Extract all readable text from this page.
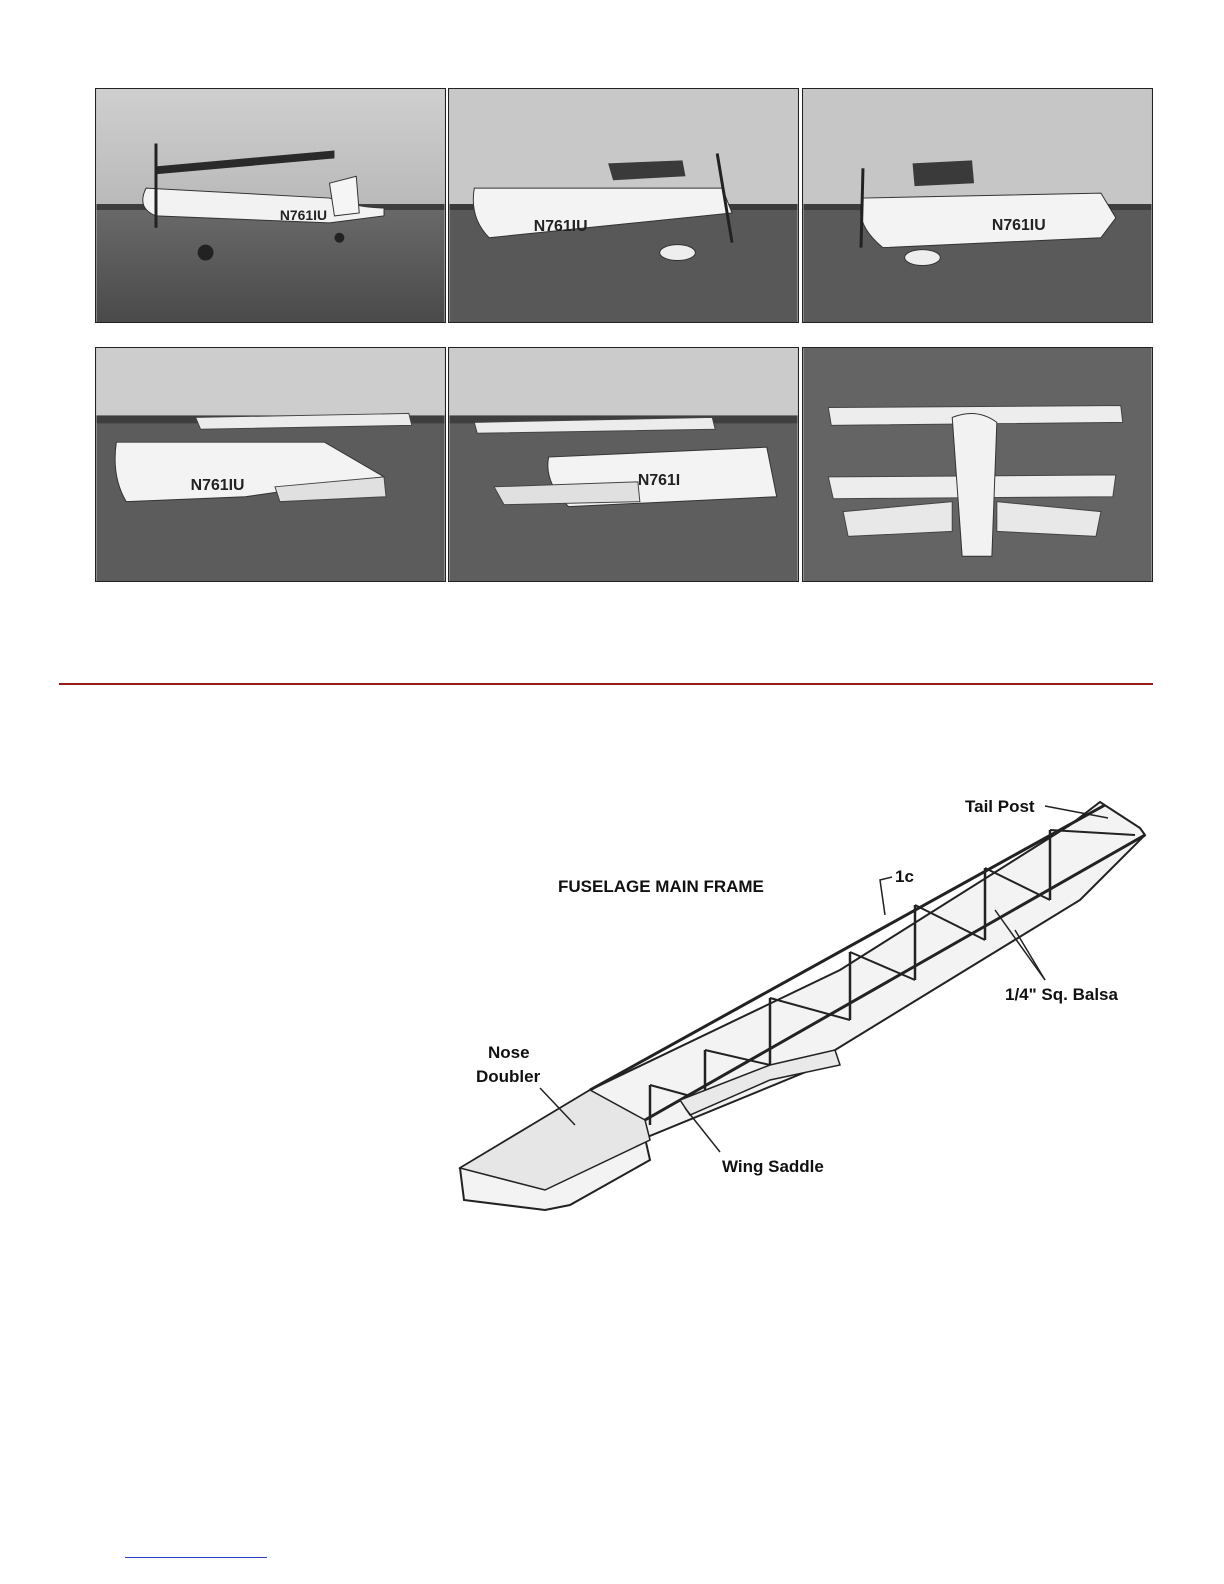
N761IU
N761IU	N761IU
N761IU	N761I
FUSELAGE MAIN FRAME
Tail Post
1c
1/4" Sq. Balsa
Nose
Doubler
Wing Saddle
